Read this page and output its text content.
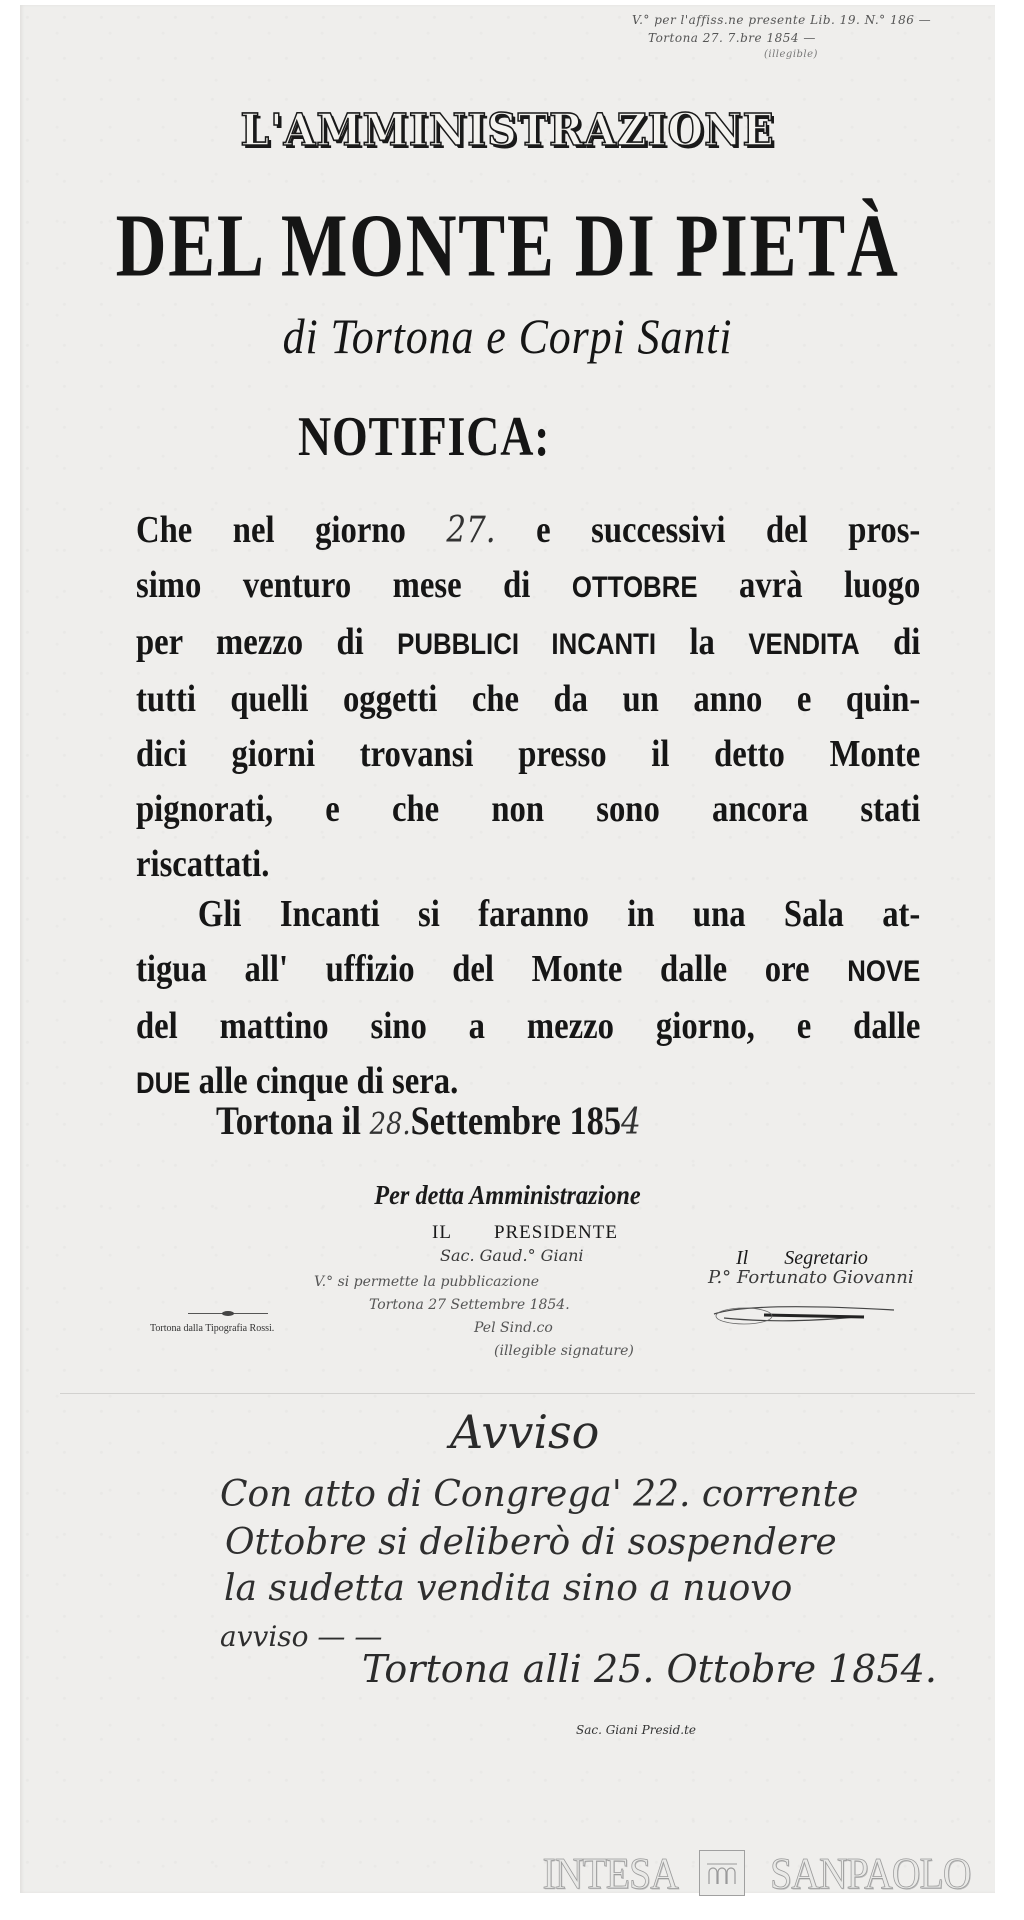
V.° per l'affiss.ne presente Lib. 19. N.° 186 —
Tortona 27. 7.bre 1854 —
(illegible)
L'AMMINISTRAZIONE
DEL MONTE DI PIETÀ
di Tortona e Corpi Santi
NOTIFICA:
Che nel giorno 27. e successivi del pros-
simo venturo mese di OTTOBRE avrà luogo
per mezzo di PUBBLICI INCANTI la VENDITA di
tutti quelli oggetti che da un anno e quin-
dici giorni trovansi presso il detto Monte
pignorati, e che non sono ancora stati
riscattati.
Gli Incanti si faranno in una Sala at-
tigua all' uffizio del Monte dalle ore NOVE
del mattino sino a mezzo giorno, e dalle
DUE alle cinque di sera.
Tortona il 28.Settembre 1854
Per detta Amministrazione
IL PRESIDENTE
Sac. Gaud.° Giani	Il Segretario
P.° Fortunato Giovanni
V.° si permette la pubblicazione
Tortona 27 Settembre 1854.
Pel Sind.co
(illegible signature)
Tortona dalla Tipografia Rossi.
Avviso
Con atto di Congrega' 22. corrente
Ottobre si deliberò di sospendere
la sudetta vendita sino a nuovo
avviso — —
Tortona alli 25. Ottobre 1854.
Sac. Giani Presid.te
INTESA SANPAOLO
